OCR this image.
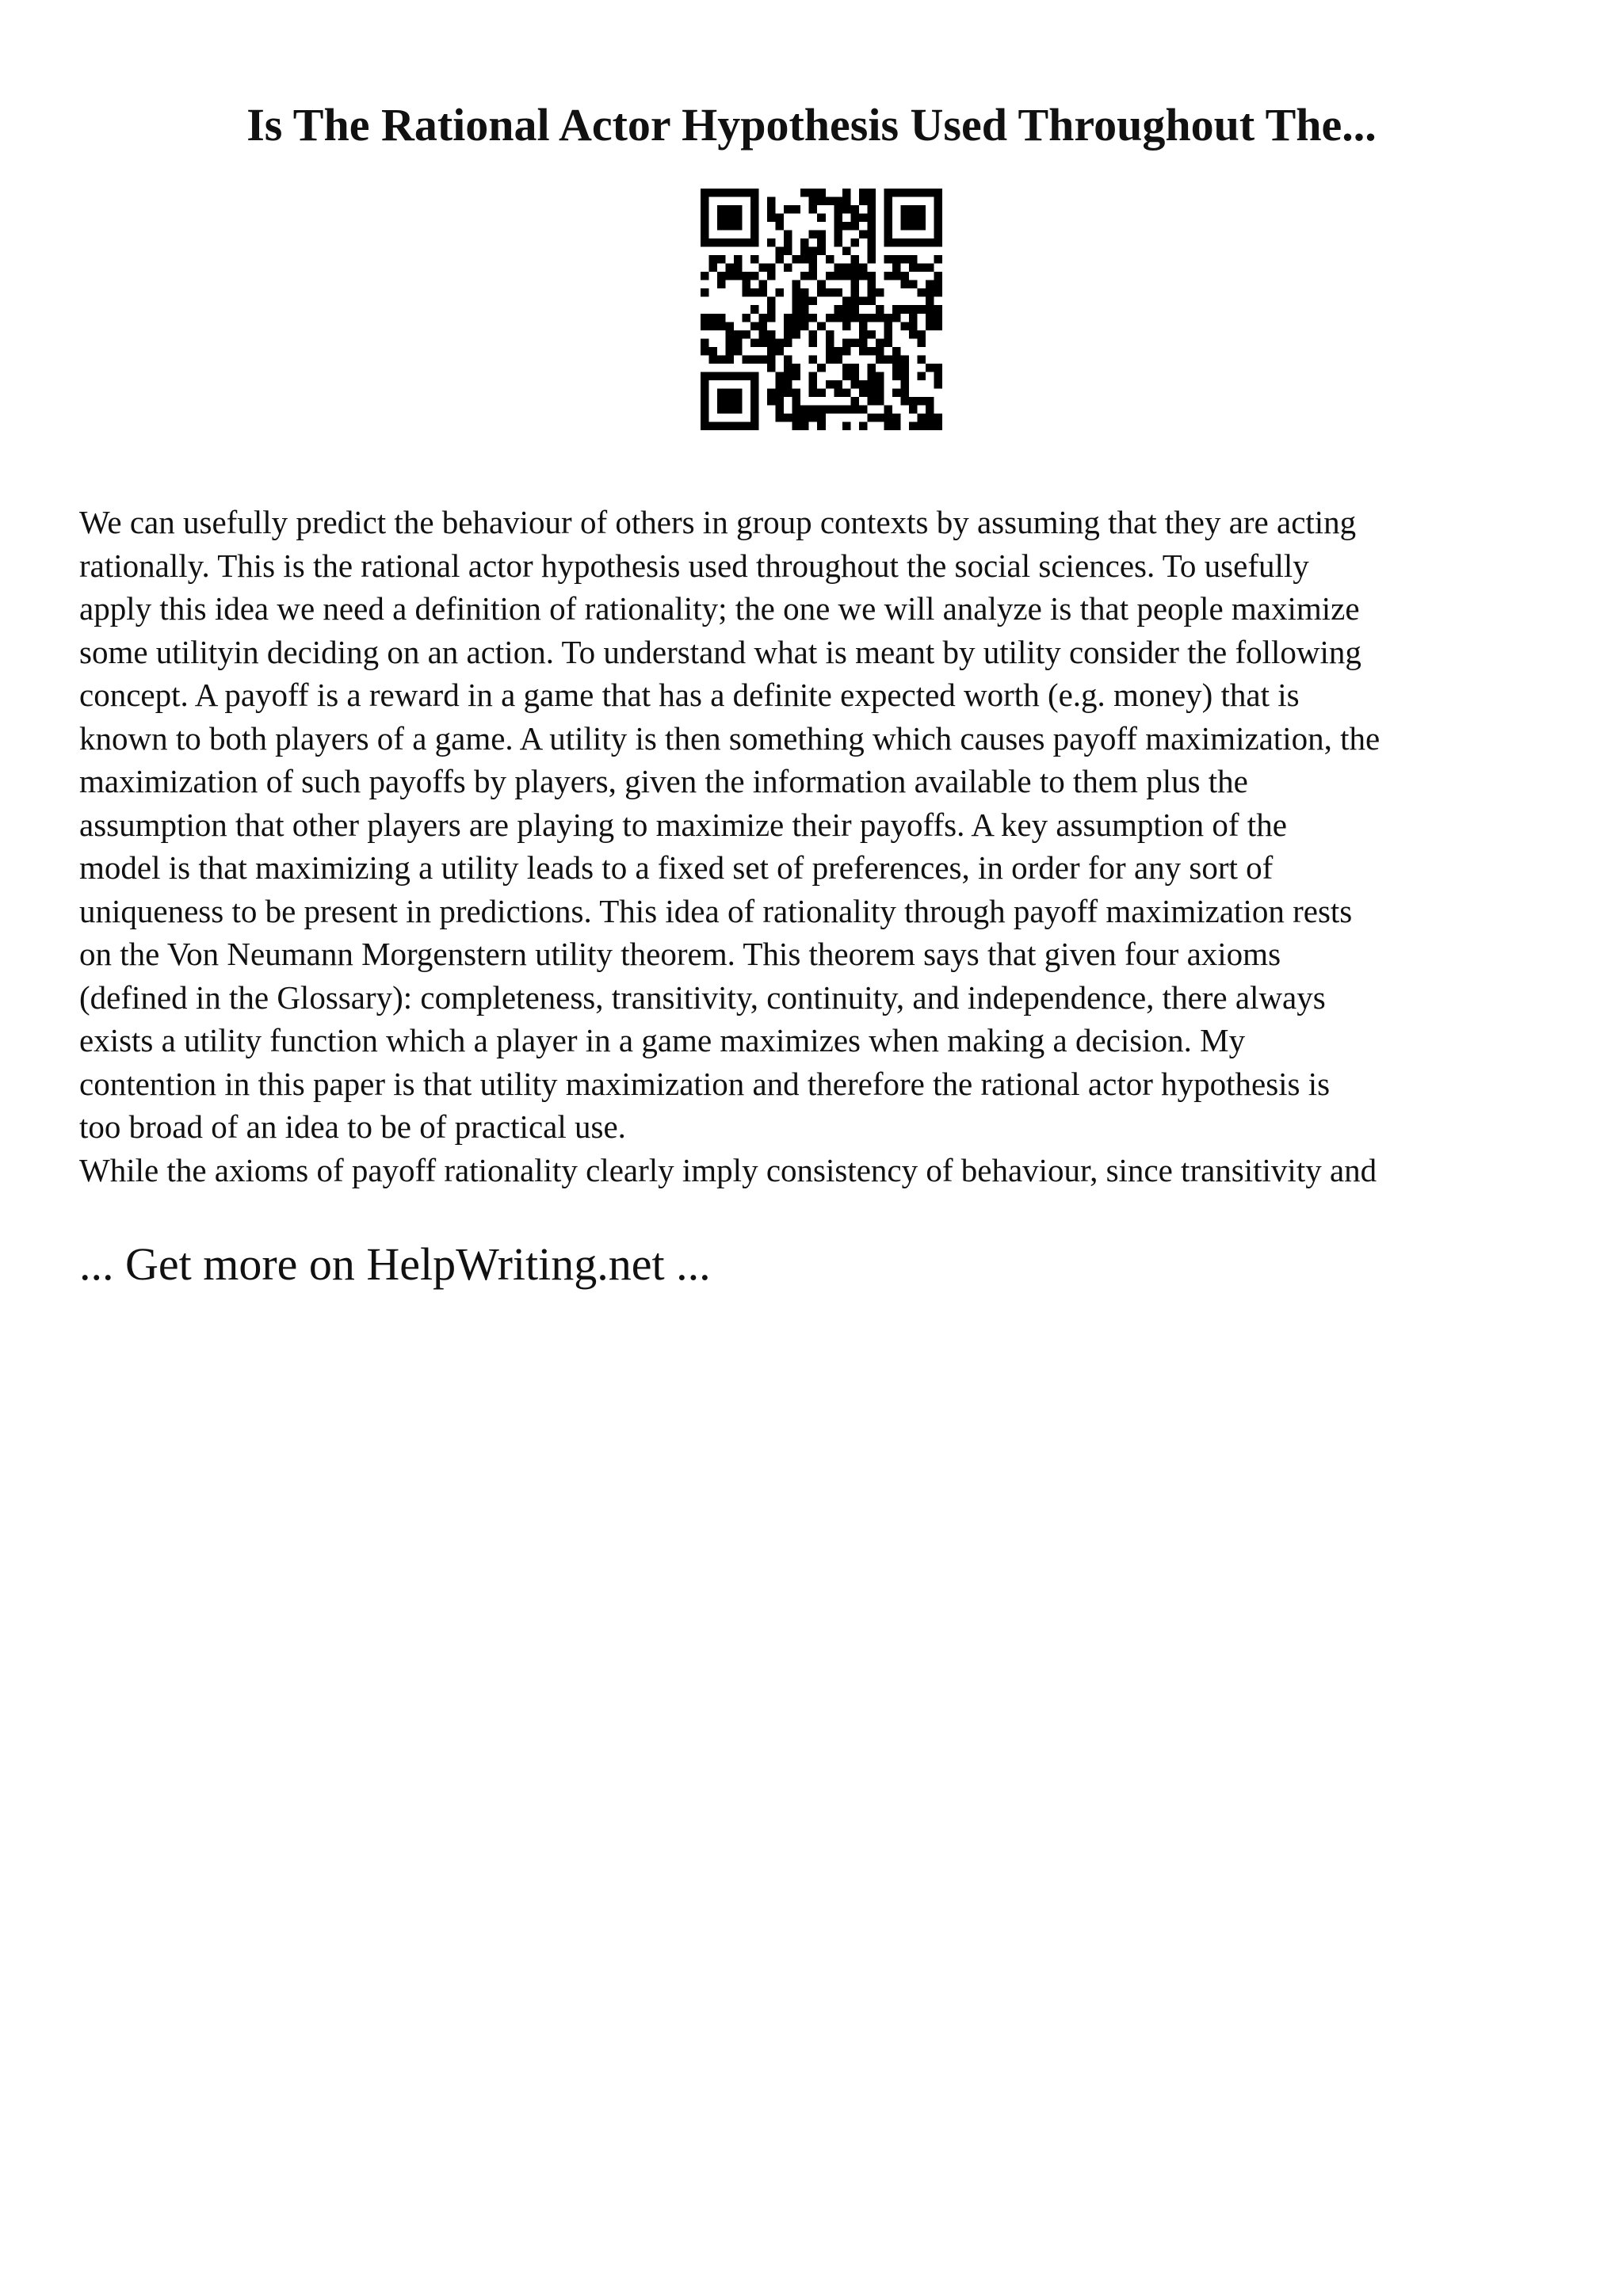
Is The Rational Actor Hypothesis Used Throughout The...

We can usefully predict the behaviour of others in group contexts by assuming that they are acting
rationally. This is the rational actor hypothesis used throughout the social sciences. To usefully
apply this idea we need a definition of rationality; the one we will analyze is that people maximize
some utilityin deciding on an action. To understand what is meant by utility consider the following
concept. A payoff is a reward in a game that has a definite expected worth (e.g. money) that is
known to both players of a game. A utility is then something which causes payoff maximization, the
maximization of such payoffs by players, given the information available to them plus the
assumption that other players are playing to maximize their payoffs. A key assumption of the
model is that maximizing a utility leads to a fixed set of preferences, in order for any sort of
uniqueness to be present in predictions. This idea of rationality through payoff maximization rests
on the Von Neumann Morgenstern utility theorem. This theorem says that given four axioms
(defined in the Glossary): completeness, transitivity, continuity, and independence, there always
exists a utility function which a player in a game maximizes when making a decision. My
contention in this paper is that utility maximization and therefore the rational actor hypothesis is
too broad of an idea to be of practical use.
While the axioms of payoff rationality clearly imply consistency of behaviour, since transitivity and

... Get more on HelpWriting.net ...
